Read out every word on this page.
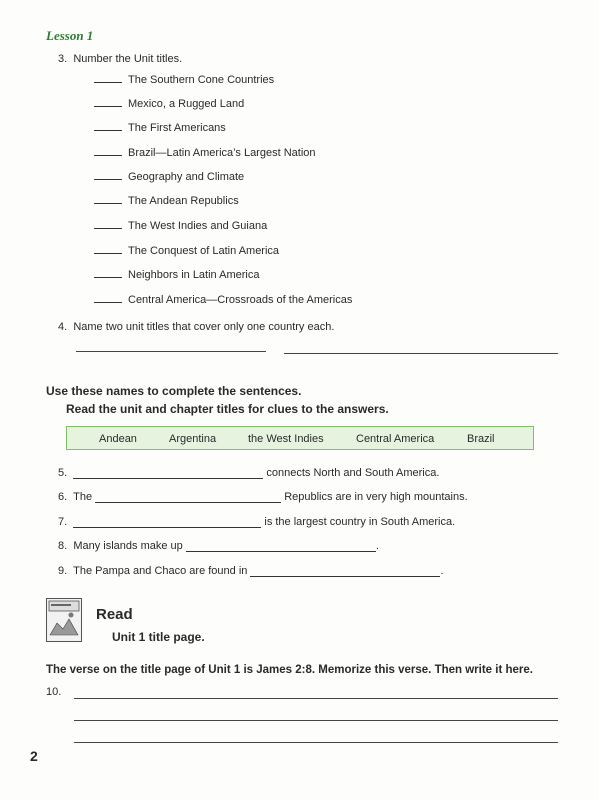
Lesson 1
3. Number the Unit titles.
The Southern Cone Countries
Mexico, a Rugged Land
The First Americans
Brazil—Latin America’s Largest Nation
Geography and Climate
The Andean Republics
The West Indies and Guiana
The Conquest of Latin America
Neighbors in Latin America
Central America—Crossroads of the Americas
4. Name two unit titles that cover only one country each.
Use these names to complete the sentences.
Read the unit and chapter titles for clues to the answers.
Andean	Argentina	the West Indies	Central America	Brazil
5.	connects North and South America.
6. The	Republics are in very high mountains.
7.	is the largest country in South America.
8. Many islands make up	.
9. The Pampa and Chaco are found in	.
Read
Unit 1 title page.
The verse on the title page of Unit 1 is James 2:8. Memorize this verse. Then write it here.
10.
2
